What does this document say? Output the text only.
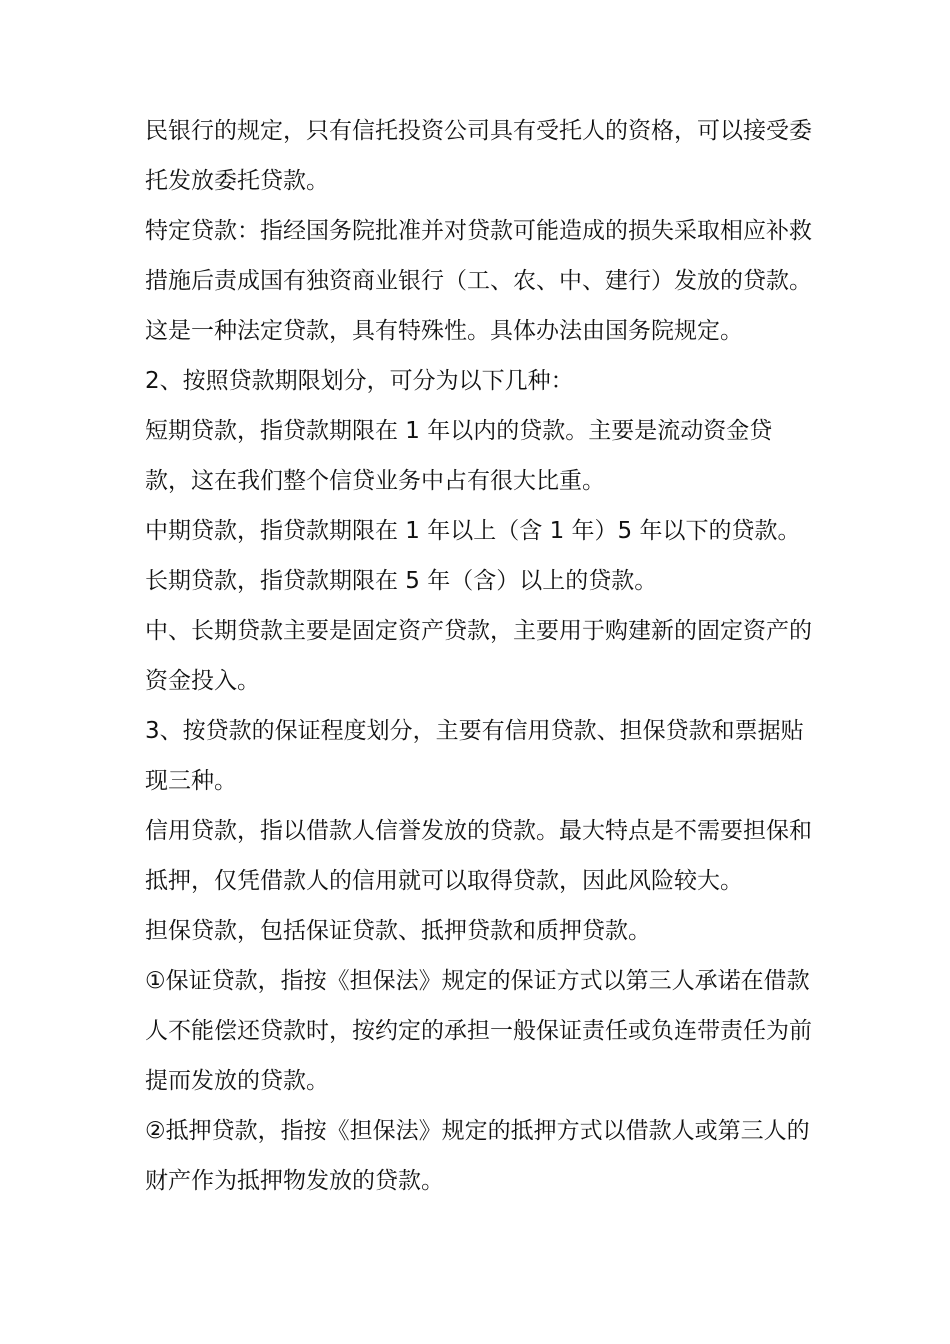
民银行的规定，只有信托投资公司具有受托人的资格，可以接受委托发放委托贷款。

特定贷款：指经国务院批准并对贷款可能造成的损失采取相应补救措施后责成国有独资商业银行（工、农、中、建行）发放的贷款。这是一种法定贷款，具有特殊性。具体办法由国务院规定。

2、按照贷款期限划分，可分为以下几种：

短期贷款，指贷款期限在 1 年以内的贷款。主要是流动资金贷款，这在我们整个信贷业务中占有很大比重。

中期贷款，指贷款期限在 1 年以上（含 1 年）5 年以下的贷款。

长期贷款，指贷款期限在 5 年（含）以上的贷款。

中、长期贷款主要是固定资产贷款，主要用于购建新的固定资产的资金投入。

3、按贷款的保证程度划分，主要有信用贷款、担保贷款和票据贴现三种。

信用贷款，指以借款人信誉发放的贷款。最大特点是不需要担保和抵押，仅凭借款人的信用就可以取得贷款，因此风险较大。

担保贷款，包括保证贷款、抵押贷款和质押贷款。

①保证贷款，指按《担保法》规定的保证方式以第三人承诺在借款人不能偿还贷款时，按约定的承担一般保证责任或负连带责任为前提而发放的贷款。

②抵押贷款，指按《担保法》规定的抵押方式以借款人或第三人的财产作为抵押物发放的贷款。
